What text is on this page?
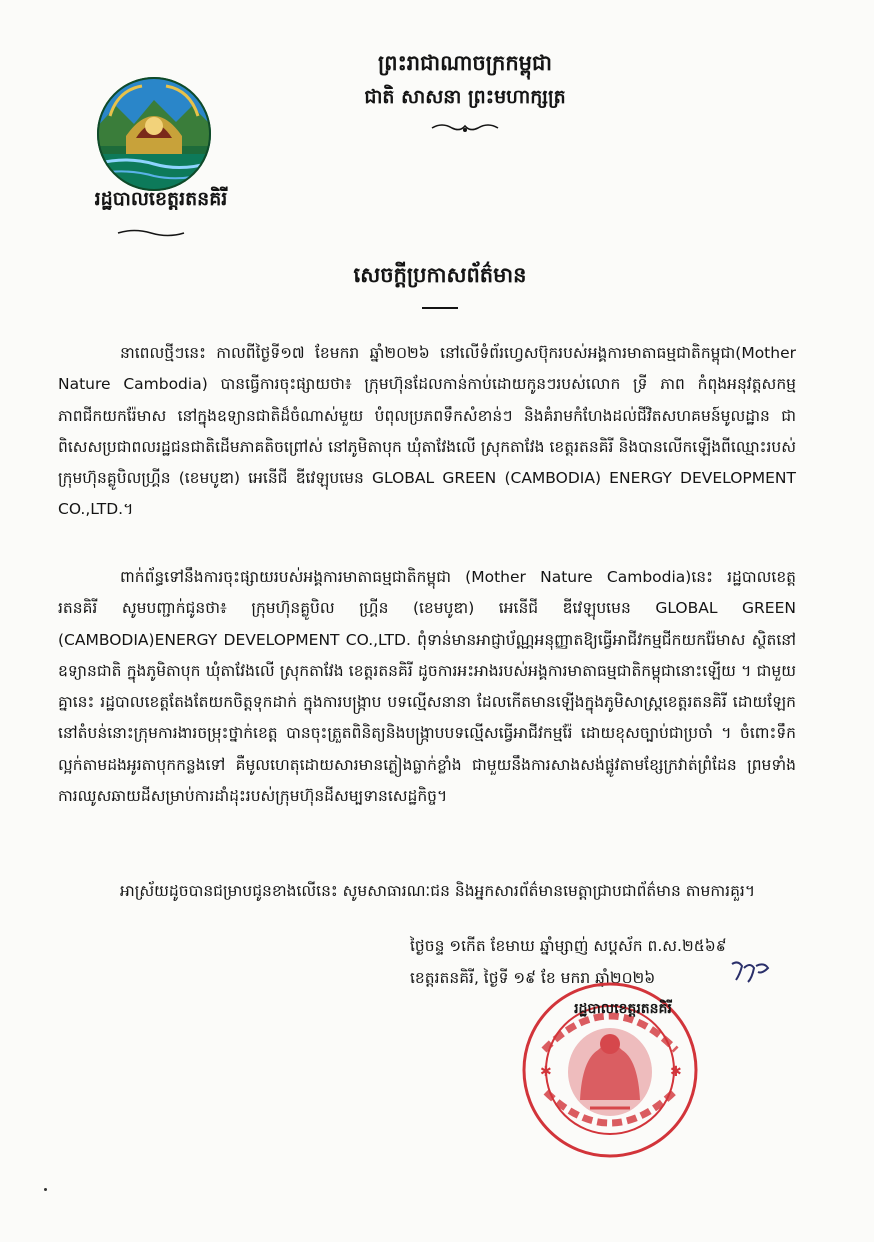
ព្រះរាជាណាចក្រកម្ពុជា
ជាតិ សាសនា ព្រះមហាក្សត្រ
រដ្ឋបាលខេត្តរតនគិរី
សេចក្តីប្រកាសព័ត៌មាន

នាពេលថ្មីៗនេះ កាលពីថ្ងៃទី១៧ ខែមករា ឆ្នាំ២០២៦ នៅលើទំព័រហ្វេសប៊ុករបស់អង្គការមាតាធម្មជាតិកម្ពុជា(Mother Nature Cambodia) បានធ្វើការចុះផ្សាយថា៖ ក្រុមហ៊ុនដែលកាន់កាប់ដោយកូនៗរបស់លោក ទ្រី ភាព កំពុងអនុវត្តសកម្មភាពជីកយករ៉ែមាស នៅក្នុងឧទ្យានជាតិដ៏ចំណាស់មួយ បំពុលប្រភពទឹកសំខាន់ៗ និងគំរាមកំហែងដល់ជីវិតសហគមន៍មូលដ្ឋាន ជាពិសេសប្រជាពលរដ្ឋជនជាតិដើមភាគតិចព្រៅស់ នៅភូមិតាបុក ឃុំតាវែងលើ ស្រុកតាវែង ខេត្តរតនគិរី និងបានលើកឡើងពីឈ្មោះរបស់ក្រុមហ៊ុនគ្លូបិលហ្គ្រីន (ខេមបូឌា) អេនើជី ឌីវេឡុបមេន GLOBAL GREEN (CAMBODIA) ENERGY DEVELOPMENT CO.,LTD.។

ពាក់ព័ន្ធទៅនឹងការចុះផ្សាយរបស់អង្គការមាតាធម្មជាតិកម្ពុជា (Mother Nature Cambodia)នេះ រដ្ឋបាលខេត្តរតនគិរី សូមបញ្ជាក់ជូនថា៖ ក្រុមហ៊ុនគ្លូបិល ហ្គ្រីន (ខេមបូឌា) អេនើជី ឌីវេឡុបមេន GLOBAL GREEN (CAMBODIA)ENERGY DEVELOPMENT CO.,LTD. ពុំទាន់មានអាជ្ញាប័ណ្ណអនុញ្ញាតឱ្យធ្វើអាជីវកម្មជីកយករ៉ែមាស ស្ថិតនៅឧទ្យានជាតិ ក្នុងភូមិតាបុក ឃុំតាវែងលើ ស្រុកតាវែង ខេត្តរតនគិរី ដូចការអះអាងរបស់អង្គការមាតាធម្មជាតិកម្ពុជានោះឡើយ ។ ជាមួយគ្នានេះ រដ្ឋបាលខេត្តតែងតែយកចិត្តទុកដាក់ ក្នុងការបង្ក្រាប បទល្មើសនានា ដែលកើតមានឡើងក្នុងភូមិសាស្ត្រខេត្តរតនគិរី ដោយឡែកនៅតំបន់នោះក្រុមការងារចម្រុះថ្នាក់ខេត្ត បានចុះត្រួតពិនិត្យនិងបង្ក្រាបបទល្មើសធ្វើអាជីវកម្មរ៉ែ ដោយខុសច្បាប់ជាប្រចាំ ។ ចំពោះទឹកល្អក់តាមដងអូរតាបុកកន្លងទៅ គឺមូលហេតុដោយសារមានភ្លៀងធ្លាក់ខ្លាំង ជាមួយនឹងការសាងសង់ផ្លូវតាមខ្សែក្រវាត់ព្រំដែន ព្រមទាំងការឈូសឆាយដីសម្រាប់ការដាំដុះរបស់ក្រុមហ៊ុនដីសម្បទានសេដ្ឋកិច្ច។

អាស្រ័យដូចបានជម្រាបជូនខាងលើនេះ សូមសាធារណៈជន និងអ្នកសារព័ត៌មានមេត្តាជ្រាបជាព័ត៌មាន តាមការគួរ។

ថ្ងៃចន្ទ ១កើត ខែមាឃ ឆ្នាំម្សាញ់ សប្តស័ក ព.ស.២៥៦៩
ខេត្តរតនគិរី, ថ្ងៃទី ១៩ ខែ មករា ឆ្នាំ២០២៦
✱	✱
រដ្ឋបាលខេត្តរតនគិរី
